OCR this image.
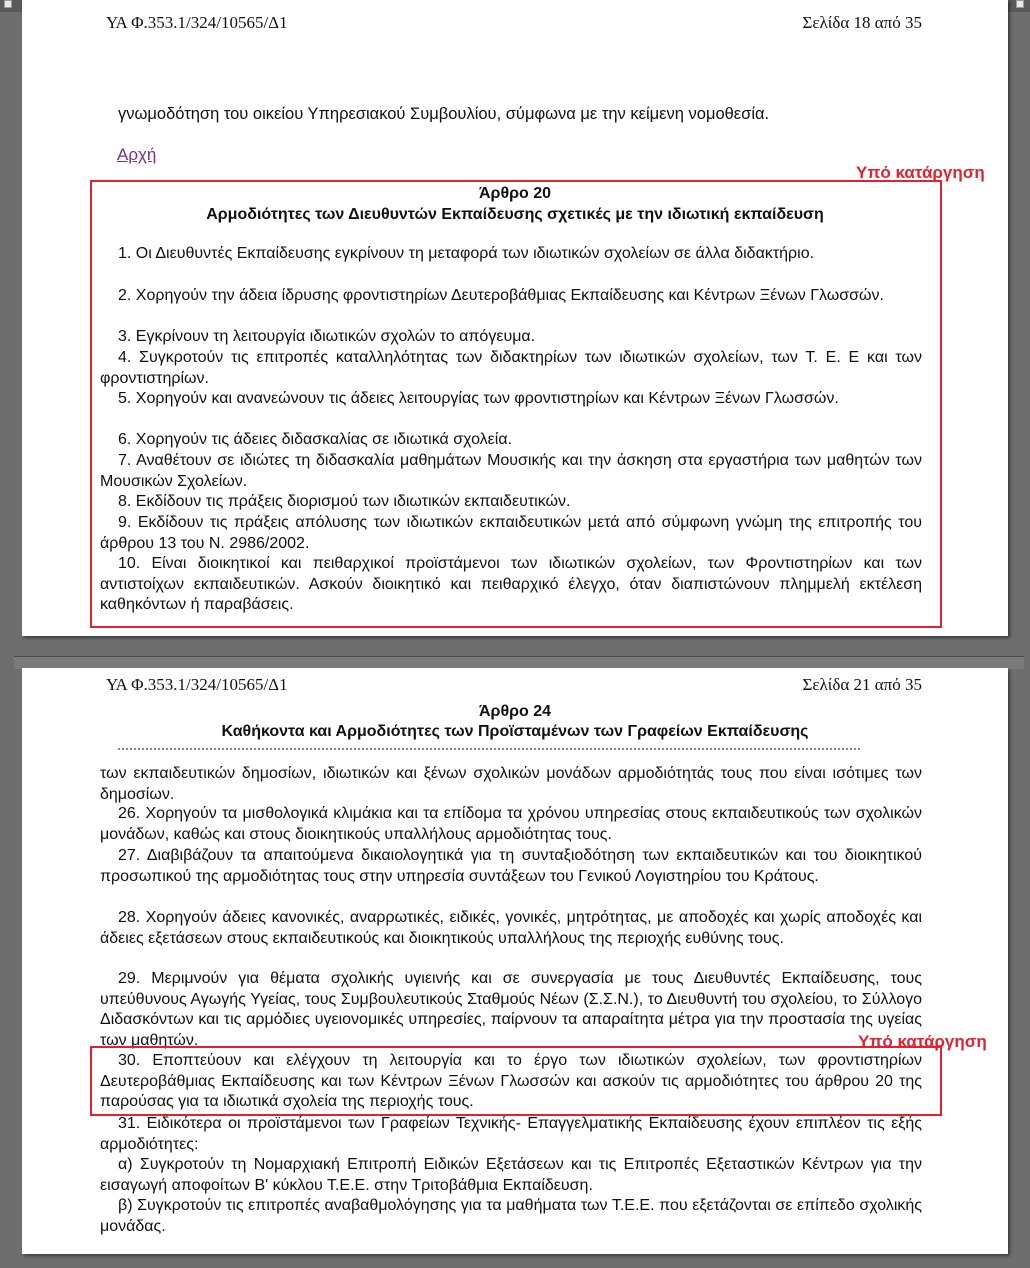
ΥΑ Φ.353.1/324/10565/Δ1	Σελίδα 18 από 35
γνωμοδότηση του οικείου Υπηρεσιακού Συμβουλίου, σύμφωνα με την κείμενη νομοθεσία.
Αρχή
Υπό κατάργηση
Άρθρο 20
Αρμοδιότητες των Διευθυντών Εκπαίδευσης σχετικές με την ιδιωτική εκπαίδευση
1. Οι Διευθυντές Εκπαίδευσης εγκρίνουν τη μεταφορά των ιδιωτικών σχολείων σε άλλα διδακτήριο.
2. Χορηγούν την άδεια ίδρυσης φροντιστηρίων Δευτεροβάθμιας Εκπαίδευσης και Κέντρων Ξένων Γλωσσών.
3. Εγκρίνουν τη λειτουργία ιδιωτικών σχολών το απόγευμα.
4. Συγκροτούν τις επιτροπές καταλληλότητας των διδακτηρίων των ιδιωτικών σχολείων, των Τ. Ε. Ε και των φροντιστηρίων.
5. Χορηγούν και ανανεώνουν τις άδειες λειτουργίας των φροντιστηρίων και Κέντρων Ξένων Γλωσσών.
6. Χορηγούν τις άδειες διδασκαλίας σε ιδιωτικά σχολεία.
7. Αναθέτουν σε ιδιώτες τη διδασκαλία μαθημάτων Μουσικής και την άσκηση στα εργαστήρια των μαθητών των Μουσικών Σχολείων.
8. Εκδίδουν τις πράξεις διορισμού των ιδιωτικών εκπαιδευτικών.
9. Εκδίδουν τις πράξεις απόλυσης των ιδιωτικών εκπαιδευτικών μετά από σύμφωνη γνώμη της επιτροπής του άρθρου 13 του Ν. 2986/2002.
10. Είναι διοικητικοί και πειθαρχικοί προϊστάμενοι των ιδιωτικών σχολείων, των Φροντιστηρίων και των αντιστοίχων εκπαιδευτικών. Ασκούν διοικητικό και πειθαρχικό έλεγχο, όταν διαπιστώνουν πλημμελή εκτέλεση καθηκόντων ή παραβάσεις.
ΥΑ Φ.353.1/324/10565/Δ1	Σελίδα 21 από 35
Άρθρο 24
Καθήκοντα και Αρμοδιότητες των Προϊσταμένων των Γραφείων Εκπαίδευσης
των εκπαιδευτικών δημοσίων, ιδιωτικών και ξένων σχολικών μονάδων αρμοδιότητάς τους που είναι ισότιμες των δημοσίων.
26. Χορηγούν τα μισθολογικά κλιμάκια και τα επίδομα τα χρόνου υπηρεσίας στους εκπαιδευτικούς των σχολικών μονάδων, καθώς και στους διοικητικούς υπαλλήλους αρμοδιότητας τους.
27. Διαβιβάζουν τα απαιτούμενα δικαιολογητικά για τη συνταξιοδότηση των εκπαιδευτικών και του διοικητικού προσωπικού της αρμοδιότητας τους στην υπηρεσία συντάξεων του Γενικού Λογιστηρίου του Κράτους.
28. Χορηγούν άδειες κανονικές, αναρρωτικές, ειδικές, γονικές, μητρότητας, με αποδοχές και χωρίς αποδοχές και άδειες εξετάσεων στους εκπαιδευτικούς και διοικητικούς υπαλλήλους της περιοχής ευθύνης τους.
29. Μεριμνούν για θέματα σχολικής υγιεινής και σε συνεργασία με τους Διευθυντές Εκπαίδευσης, τους υπεύθυνους Αγωγής Υγείας, τους Συμβουλευτικούς Σταθμούς Νέων (Σ.Σ.Ν.), το Διευθυντή του σχολείου, το Σύλλογο Διδασκόντων και τις αρμόδιες υγειονομικές υπηρεσίες, παίρνουν τα απαραίτητα μέτρα για την προστασία της υγείας των μαθητών.	Υπό κατάργηση
30. Εποπτεύουν και ελέγχουν τη λειτουργία και το έργο των ιδιωτικών σχολείων, των φροντιστηρίων Δευτεροβάθμιας Εκπαίδευσης και των Κέντρων Ξένων Γλωσσών και ασκούν τις αρμοδιότητες του άρθρου 20 της παρούσας για τα ιδιωτικά σχολεία της περιοχής τους.
31. Ειδικότερα οι προϊστάμενοι των Γραφείων Τεχνικής- Επαγγελματικής Εκπαίδευσης έχουν επιπλέον τις εξής αρμοδιότητες:
α) Συγκροτούν τη Νομαρχιακή Επιτροπή Ειδικών Εξετάσεων και τις Επιτροπές Εξεταστικών Κέντρων για την εισαγωγή αποφοίτων Β' κύκλου Τ.Ε.Ε. στην Τριτοβάθμια Εκπαίδευση.
β) Συγκροτούν τις επιτροπές αναβαθμολόγησης για τα μαθήματα των Τ.Ε.Ε. που εξετάζονται σε επίπεδο σχολικής μονάδας.
